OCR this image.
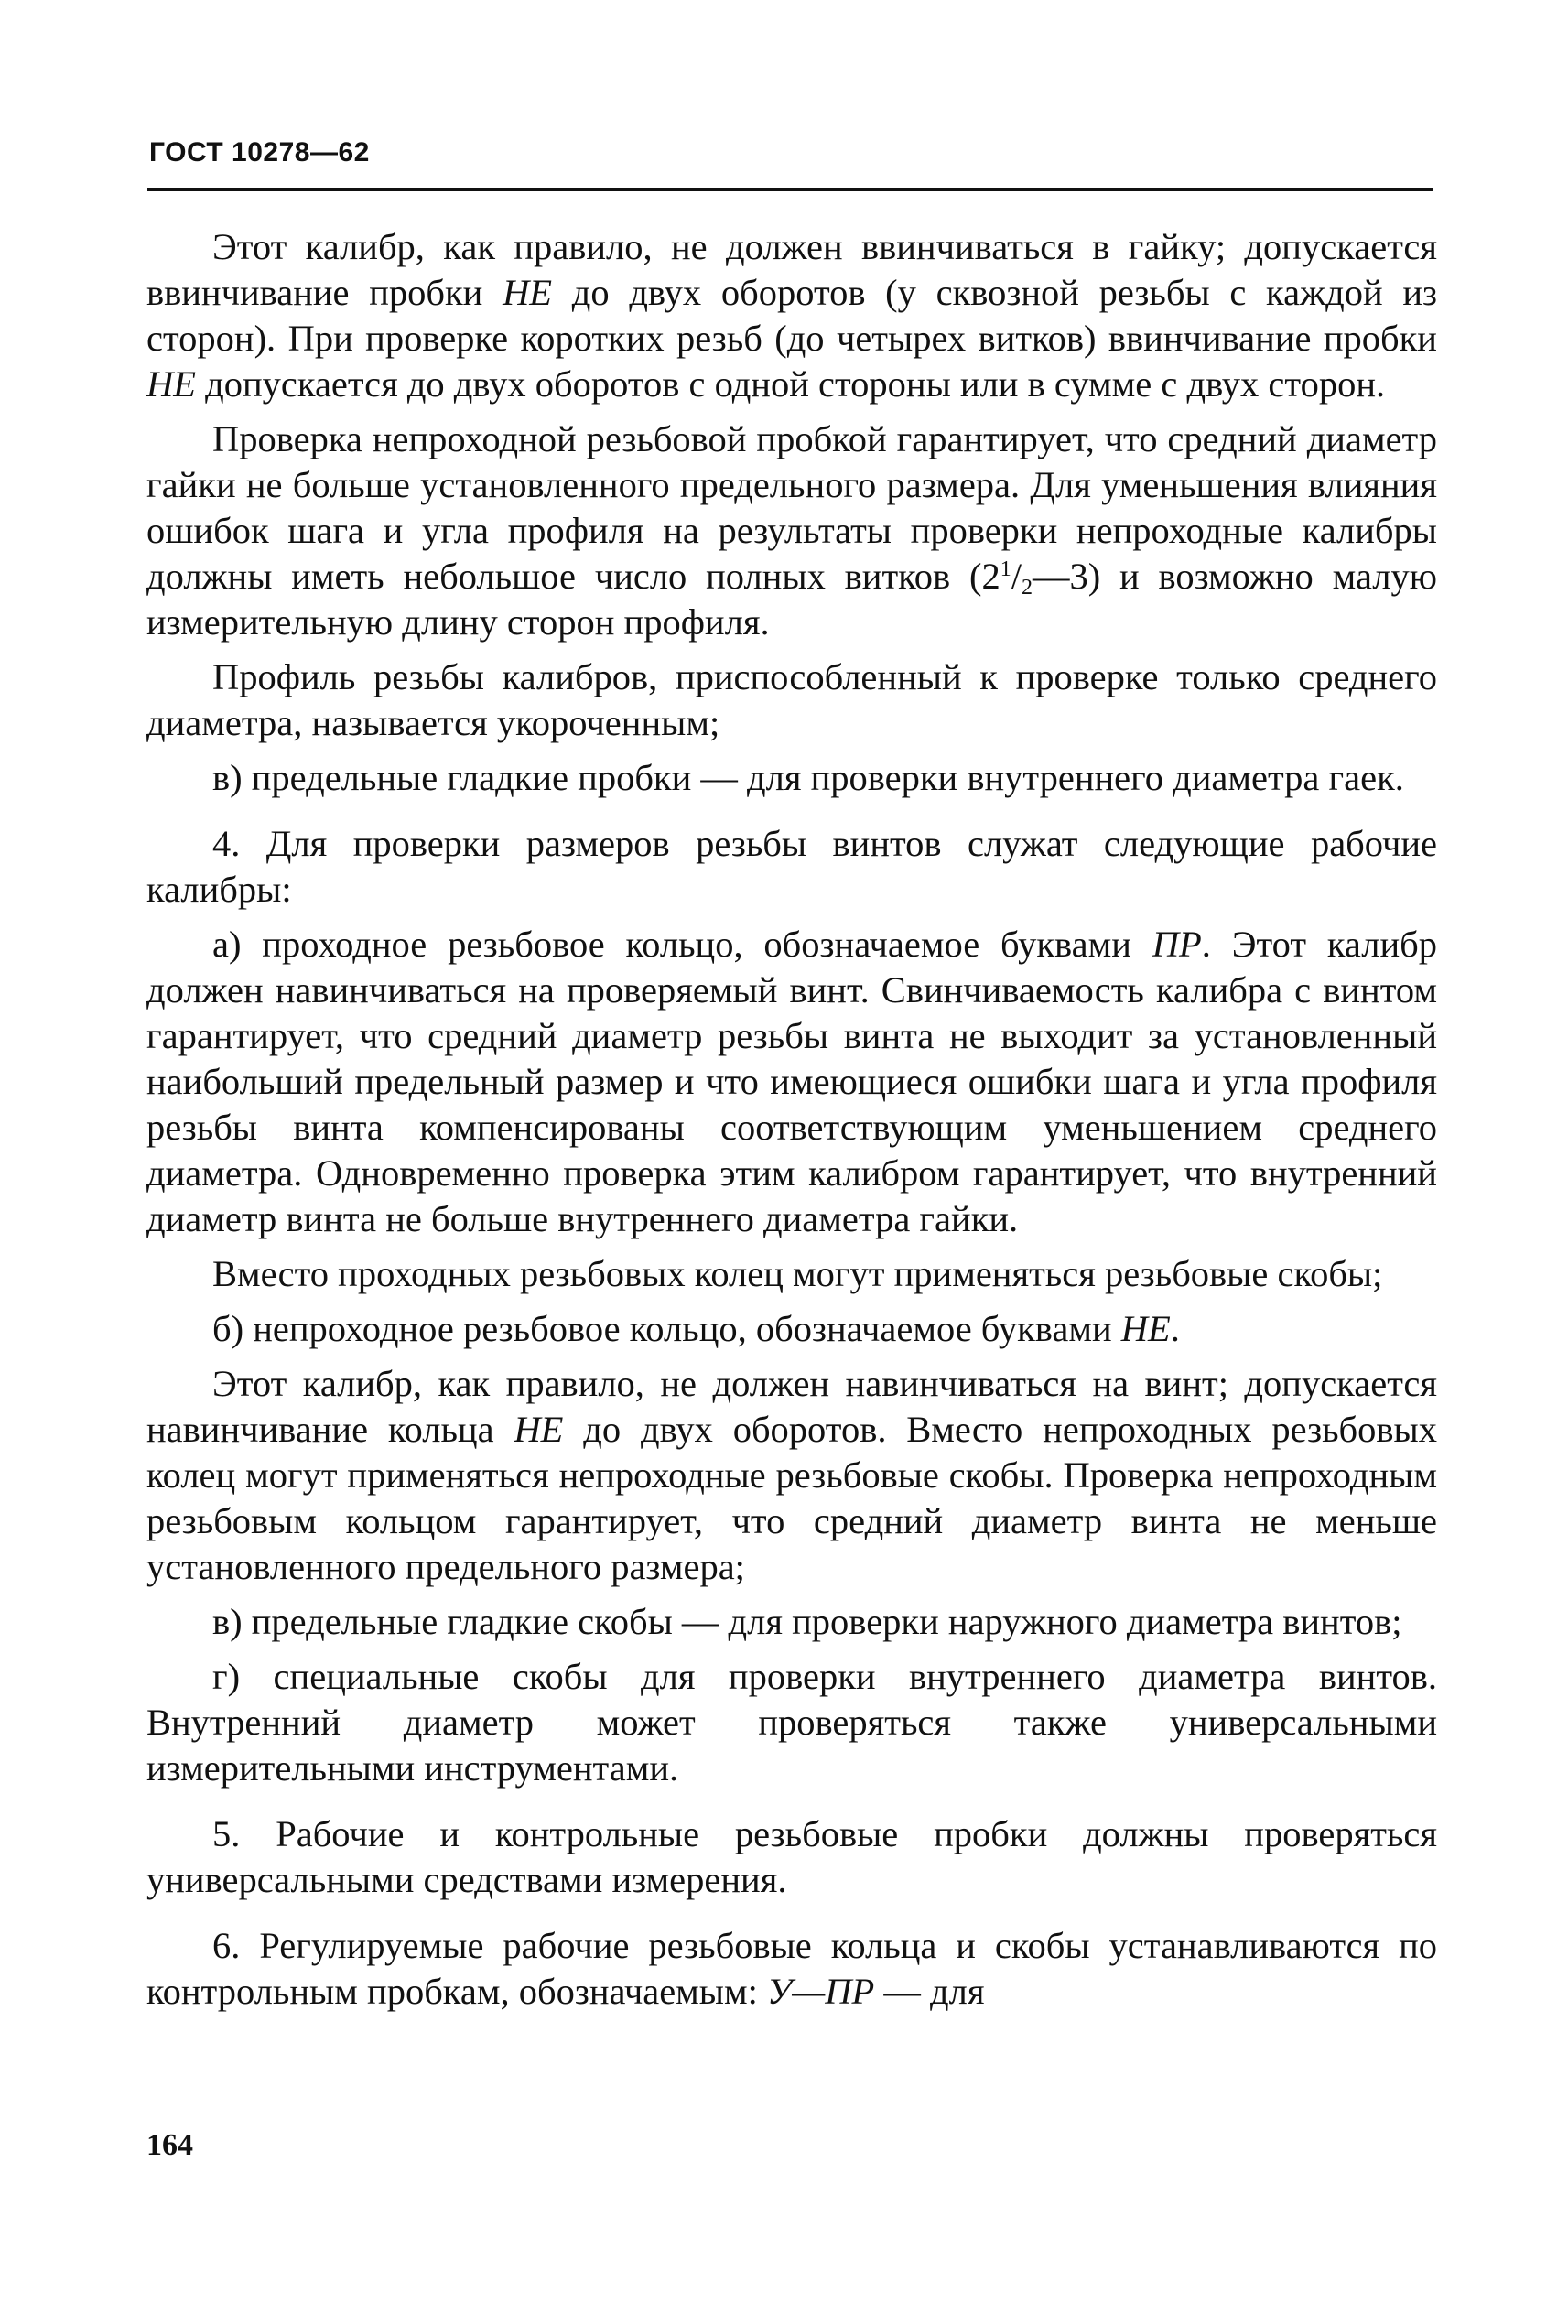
ГОСТ 10278—62

Этот калибр, как правило, не должен ввинчиваться в гайку; допускается ввинчивание пробки НЕ до двух оборотов (у сквозной резьбы с каждой из сторон). При проверке коротких резьб (до четырех витков) ввинчивание пробки НЕ допускается до двух оборотов с одной стороны или в сумме с двух сторон.

Проверка непроходной резьбовой пробкой гарантирует, что средний диаметр гайки не больше установленного предельного размера. Для уменьшения влияния ошибок шага и угла профиля на результаты проверки непроходные калибры должны иметь небольшое число полных витков $(2^1/_2—3)$ и возможно малую измерительную длину сторон профиля.

Профиль резьбы калибров, приспособленный к проверке только среднего диаметра, называется укороченным;

в) предельные гладкие пробки — для проверки внутреннего диаметра гаек.

4. Для проверки размеров резьбы винтов служат следующие рабочие калибры:

а) проходное резьбовое кольцо, обозначаемое буквами ПР. Этот калибр должен навинчиваться на проверяемый винт. Свинчиваемость калибра с винтом гарантирует, что средний диаметр резьбы винта не выходит за установленный наибольший предельный размер и что имеющиеся ошибки шага и угла профиля резьбы винта компенсированы соответствующим уменьшением среднего диаметра. Одновременно проверка этим калибром гарантирует, что внутренний диаметр винта не больше внутреннего диаметра гайки.

Вместо проходных резьбовых колец могут применяться резьбовые скобы;

б) непроходное резьбовое кольцо, обозначаемое буквами НЕ.

Этот калибр, как правило, не должен навинчиваться на винт; допускается навинчивание кольца НЕ до двух оборотов. Вместо непроходных резьбовых колец могут применяться непроходные резьбовые скобы. Проверка непроходным резьбовым кольцом гарантирует, что средний диаметр винта не меньше установленного предельного размера;

в) предельные гладкие скобы — для проверки наружного диаметра винтов;

г) специальные скобы для проверки внутреннего диаметра винтов. Внутренний диаметр может проверяться также универсальными измерительными инструментами.

5. Рабочие и контрольные резьбовые пробки должны проверяться универсальными средствами измерения.

6. Регулируемые рабочие резьбовые кольца и скобы устанавливаются по контрольным пробкам, обозначаемым: У—ПР — для

164
